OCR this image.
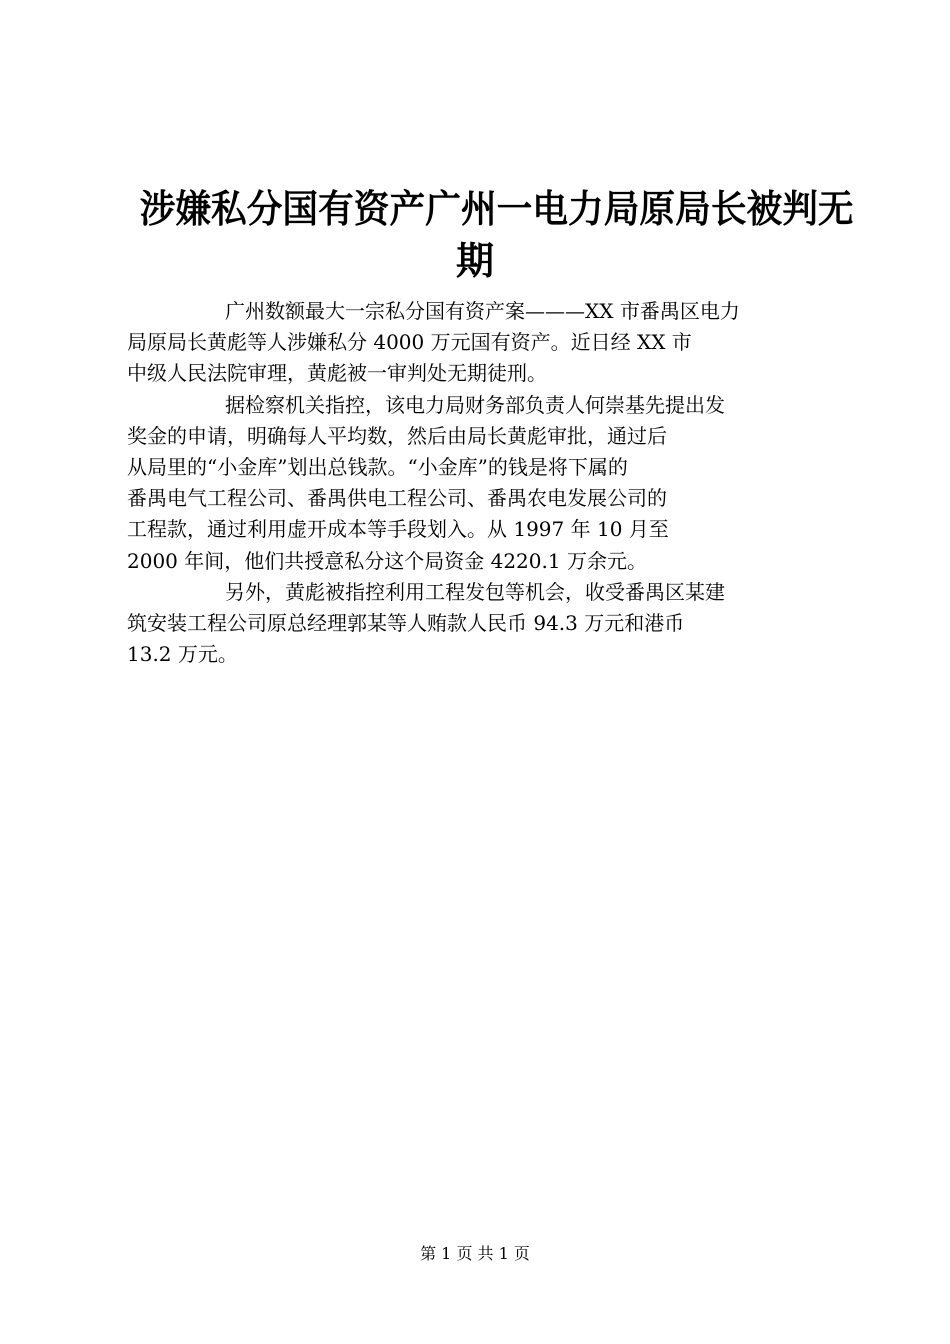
涉嫌私分国有资产广州一电力局原局长被判无
期
广州数额最大一宗私分国有资产案———XX 市番禺区电力
局原局长黄彪等人涉嫌私分 4000 万元国有资产。近日经 XX 市
中级人民法院审理，黄彪被一审判处无期徒刑。
据检察机关指控，该电力局财务部负责人何崇基先提出发
奖金的申请，明确每人平均数，然后由局长黄彪审批，通过后
从局里的“小金库”划出总钱款。“小金库”的钱是将下属的
番禺电气工程公司、番禺供电工程公司、番禺农电发展公司的
工程款，通过利用虚开成本等手段划入。从 1997 年 10 月至
2000 年间，他们共授意私分这个局资金 4220.1 万余元。
另外，黄彪被指控利用工程发包等机会，收受番禺区某建
筑安装工程公司原总经理郭某等人贿款人民币 94.3 万元和港币
13.2 万元。
第 1 页 共 1 页
